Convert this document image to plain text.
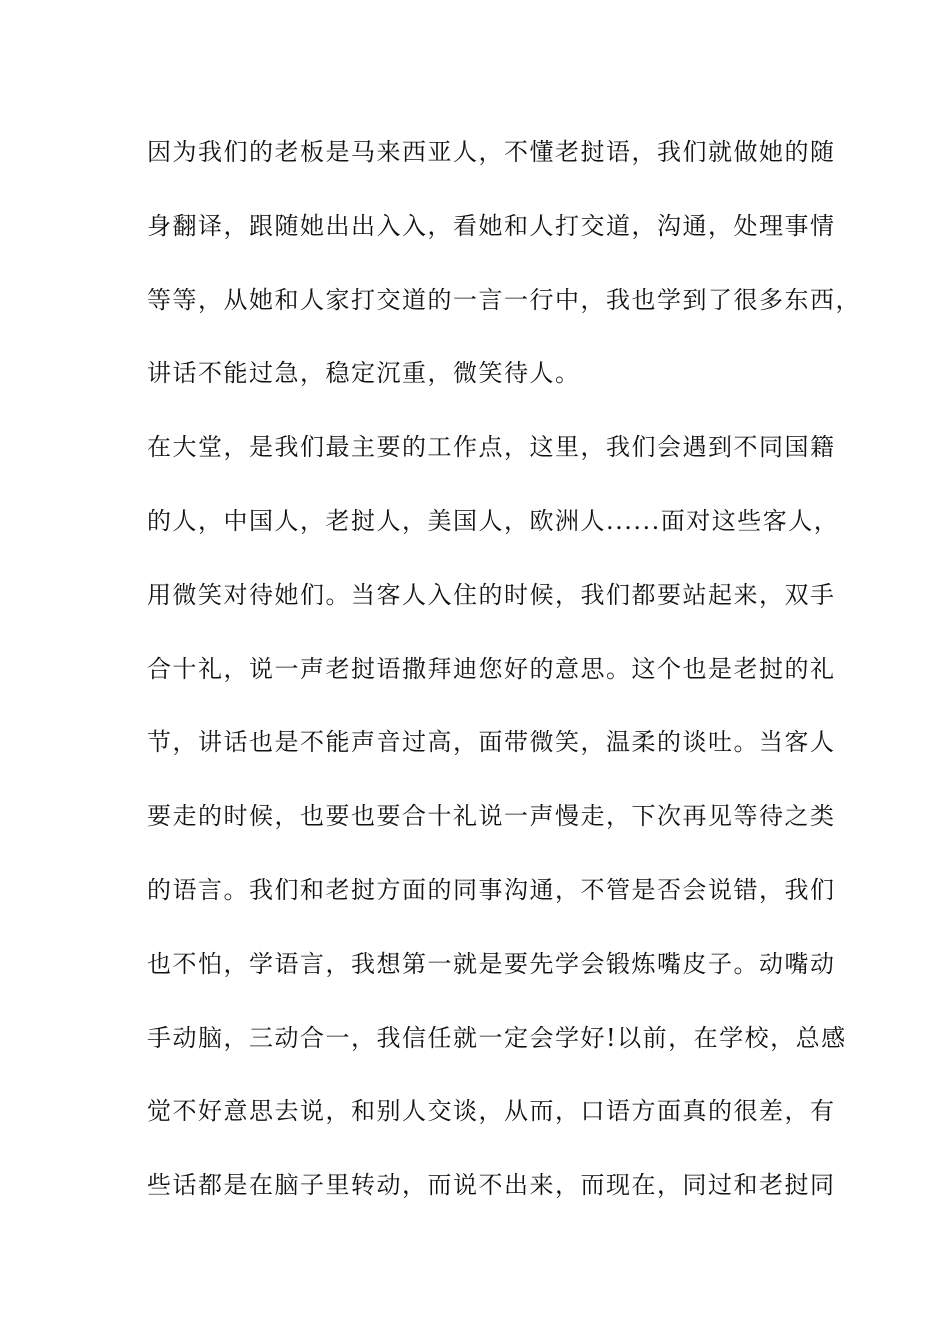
因为我们的老板是马来西亚人，不懂老挝语，我们就做她的随
身翻译，跟随她出出入入，看她和人打交道，沟通，处理事情
等等，从她和人家打交道的一言一行中，我也学到了很多东西，
讲话不能过急，稳定沉重，微笑待人。
在大堂，是我们最主要的工作点，这里，我们会遇到不同国籍
的人，中国人，老挝人，美国人，欧洲人......面对这些客人，
用微笑对待她们。当客人入住的时候，我们都要站起来，双手
合十礼，说一声老挝语撒拜迪您好的意思。这个也是老挝的礼
节，讲话也是不能声音过高，面带微笑，温柔的谈吐。当客人
要走的时候，也要也要合十礼说一声慢走，下次再见等待之类
的语言。我们和老挝方面的同事沟通，不管是否会说错，我们
也不怕，学语言，我想第一就是要先学会锻炼嘴皮子。动嘴动
手动脑，三动合一，我信任就一定会学好!以前，在学校，总感
觉不好意思去说，和别人交谈，从而，口语方面真的很差，有
些话都是在脑子里转动，而说不出来，而现在，同过和老挝同
